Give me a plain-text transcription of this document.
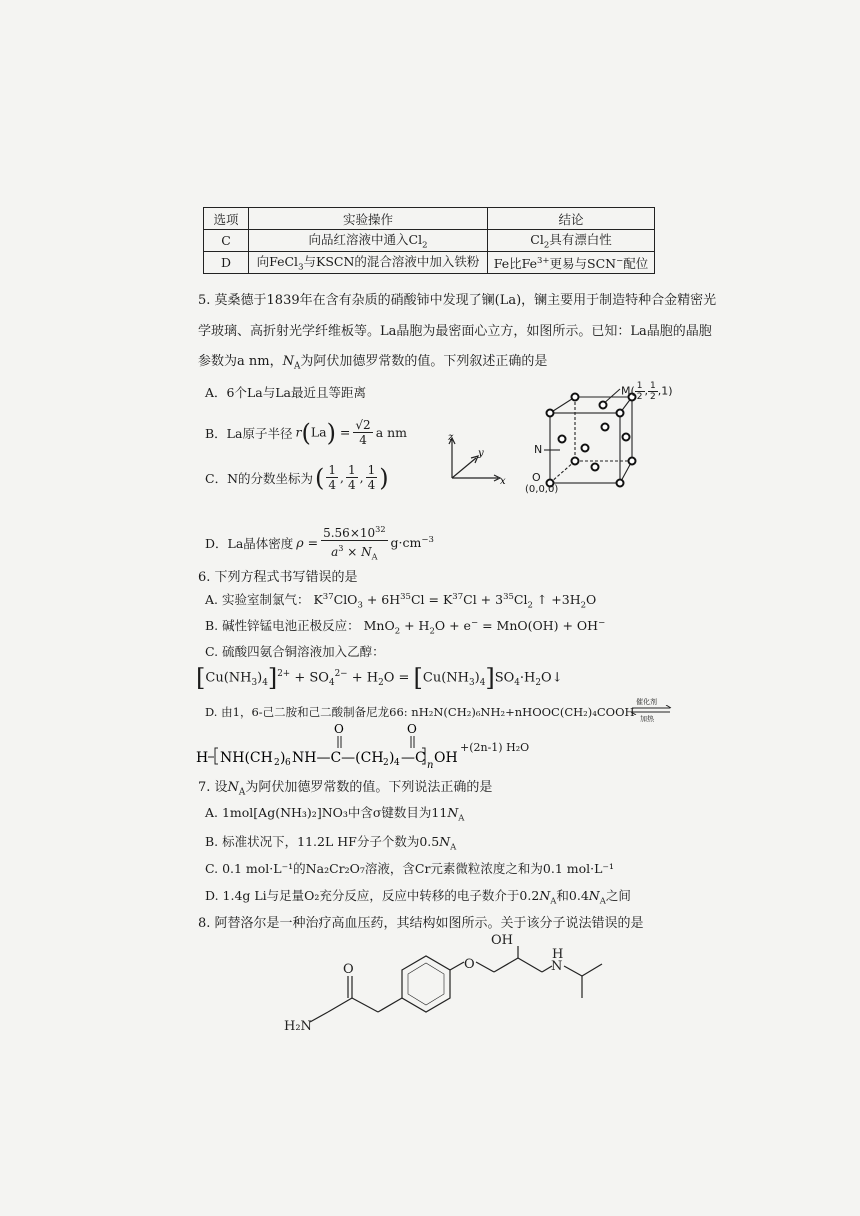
选项	实验操作	结论
C	向品红溶液中通入$Cl_2$	$Cl_2$具有漂白性
D	向FeCl$_3$与KSCN的混合溶液中加入铁粉	Fe比$Fe^{3+}$更易与SCN−配位
5. 莫桑德于1839年在含有杂质的硝酸铈中发现了镧(La)，镧主要用于制造特种合金精密光
学玻璃、高折射光学纤维板等。La晶胞为最密面心立方，如图所示。已知：La晶胞的晶胞
参数为a nm，$N_A$为阿伏加德罗常数的值。下列叙述正确的是
A．6个La与La最近且等距离
B．La原子半径 $r(La) = \frac{√2}{4}$ a nm
C．N的分数坐标为 ( $\frac{1}{4}$ , $\frac{1}{4}$ , $\frac{1}{4}$ )
D．La晶体密度 $\rho = \frac{5.56\times 10^{32}}{a^3 \times N_A} g\cdot cm^{-3}$
z
y
x
$M( \frac{1}{2}$ , $\frac{1}{2} ,1$)
N
O
(0,0,0)
6. 下列方程式书写错误的是
A. 实验室制氯气： $K^{37}ClO_3 + 6H^{35}Cl = K^{37}Cl + 3^{35}Cl_2$ ↑ $+3H_2O$
B. 碱性锌锰电池正极反应： $MnO_2 + H_2O + e^- = MnO(OH) + OH^-$
C. 硫酸四氨合铜溶液加入乙醇：
$[Cu(NH_3)_4]^{2+} + SO_4^{2-} + H_2O$ = $[Cu(NH_3)_4]SO_4\cdot H_2O↓$
D. 由1，6-己二胺和己二酸制备尼龙66: nH₂N(CH₂)₆NH₂+nHOOC(CH₂)₄COOH
催化剂
加热
H NH(CH 2 ) 6 NH—C—(CH 2 ) 4 —C n OH
O	O
+(2n-1) H₂O
7. 设$N_A$为阿伏加德罗常数的值。下列说法正确的是
A. 1mol[Ag(NH₃)₂]NO₃中含σ键数目为$11N_A$
B. 标准状况下，11.2L HF分子个数为$0.5N_A$
C. 0.1 mol·L⁻¹的Na₂Cr₂O₇溶液，含Cr元素微粒浓度之和为0.1 mol·L⁻¹
D. 1.4g Li与足量O₂充分反应，反应中转移的电子数介于$0.2N_A$和$0.4N_A$之间
8. 阿替洛尔是一种治疗高血压药，其结构如图所示。关于该分子说法错误的是
OH
O	N
H
O
H₂N
